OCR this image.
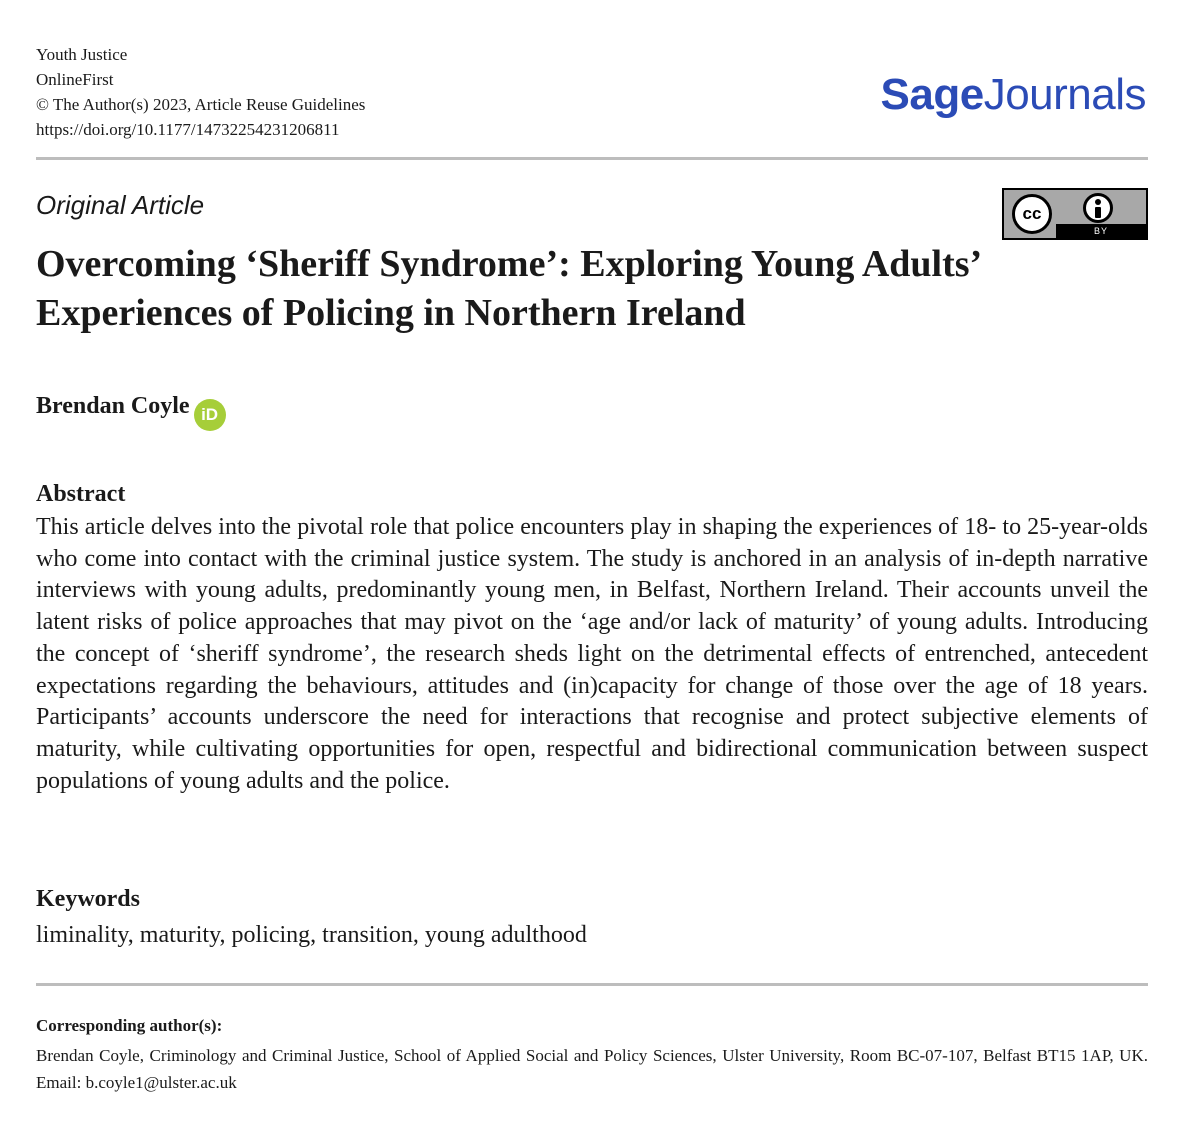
Youth Justice
OnlineFirst
© The Author(s) 2023, Article Reuse Guidelines
https://doi.org/10.1177/14732254231206811
SageJournals
Original Article	cc
BY
Overcoming ‘Sheriff Syndrome’: Exploring Young Adults’ Experiences of Policing in Northern Ireland
Brendan Coyle iD
Abstract

This article delves into the pivotal role that police encounters play in shaping the experiences of 18- to 25-year-olds who come into contact with the criminal justice system. The study is anchored in an analysis of in-depth narrative interviews with young adults, predominantly young men, in Belfast, Northern Ireland. Their accounts unveil the latent risks of police approaches that may pivot on the ‘age and/or lack of maturity’ of young adults. Introducing the concept of ‘sheriff syndrome’, the research sheds light on the detrimental effects of entrenched, antecedent expectations regarding the behaviours, attitudes and (in)capacity for change of those over the age of 18 years. Participants’ accounts underscore the need for interactions that recognise and protect subjective elements of maturity, while cultivating opportunities for open, respectful and bidirectional communication between suspect populations of young adults and the police.

Keywords
liminality, maturity, policing, transition, young adulthood
Corresponding author(s):

Brendan Coyle, Criminology and Criminal Justice, School of Applied Social and Policy Sciences, Ulster University, Room BC-07-107, Belfast BT15 1AP, UK. Email: b.coyle1@ulster.ac.uk
